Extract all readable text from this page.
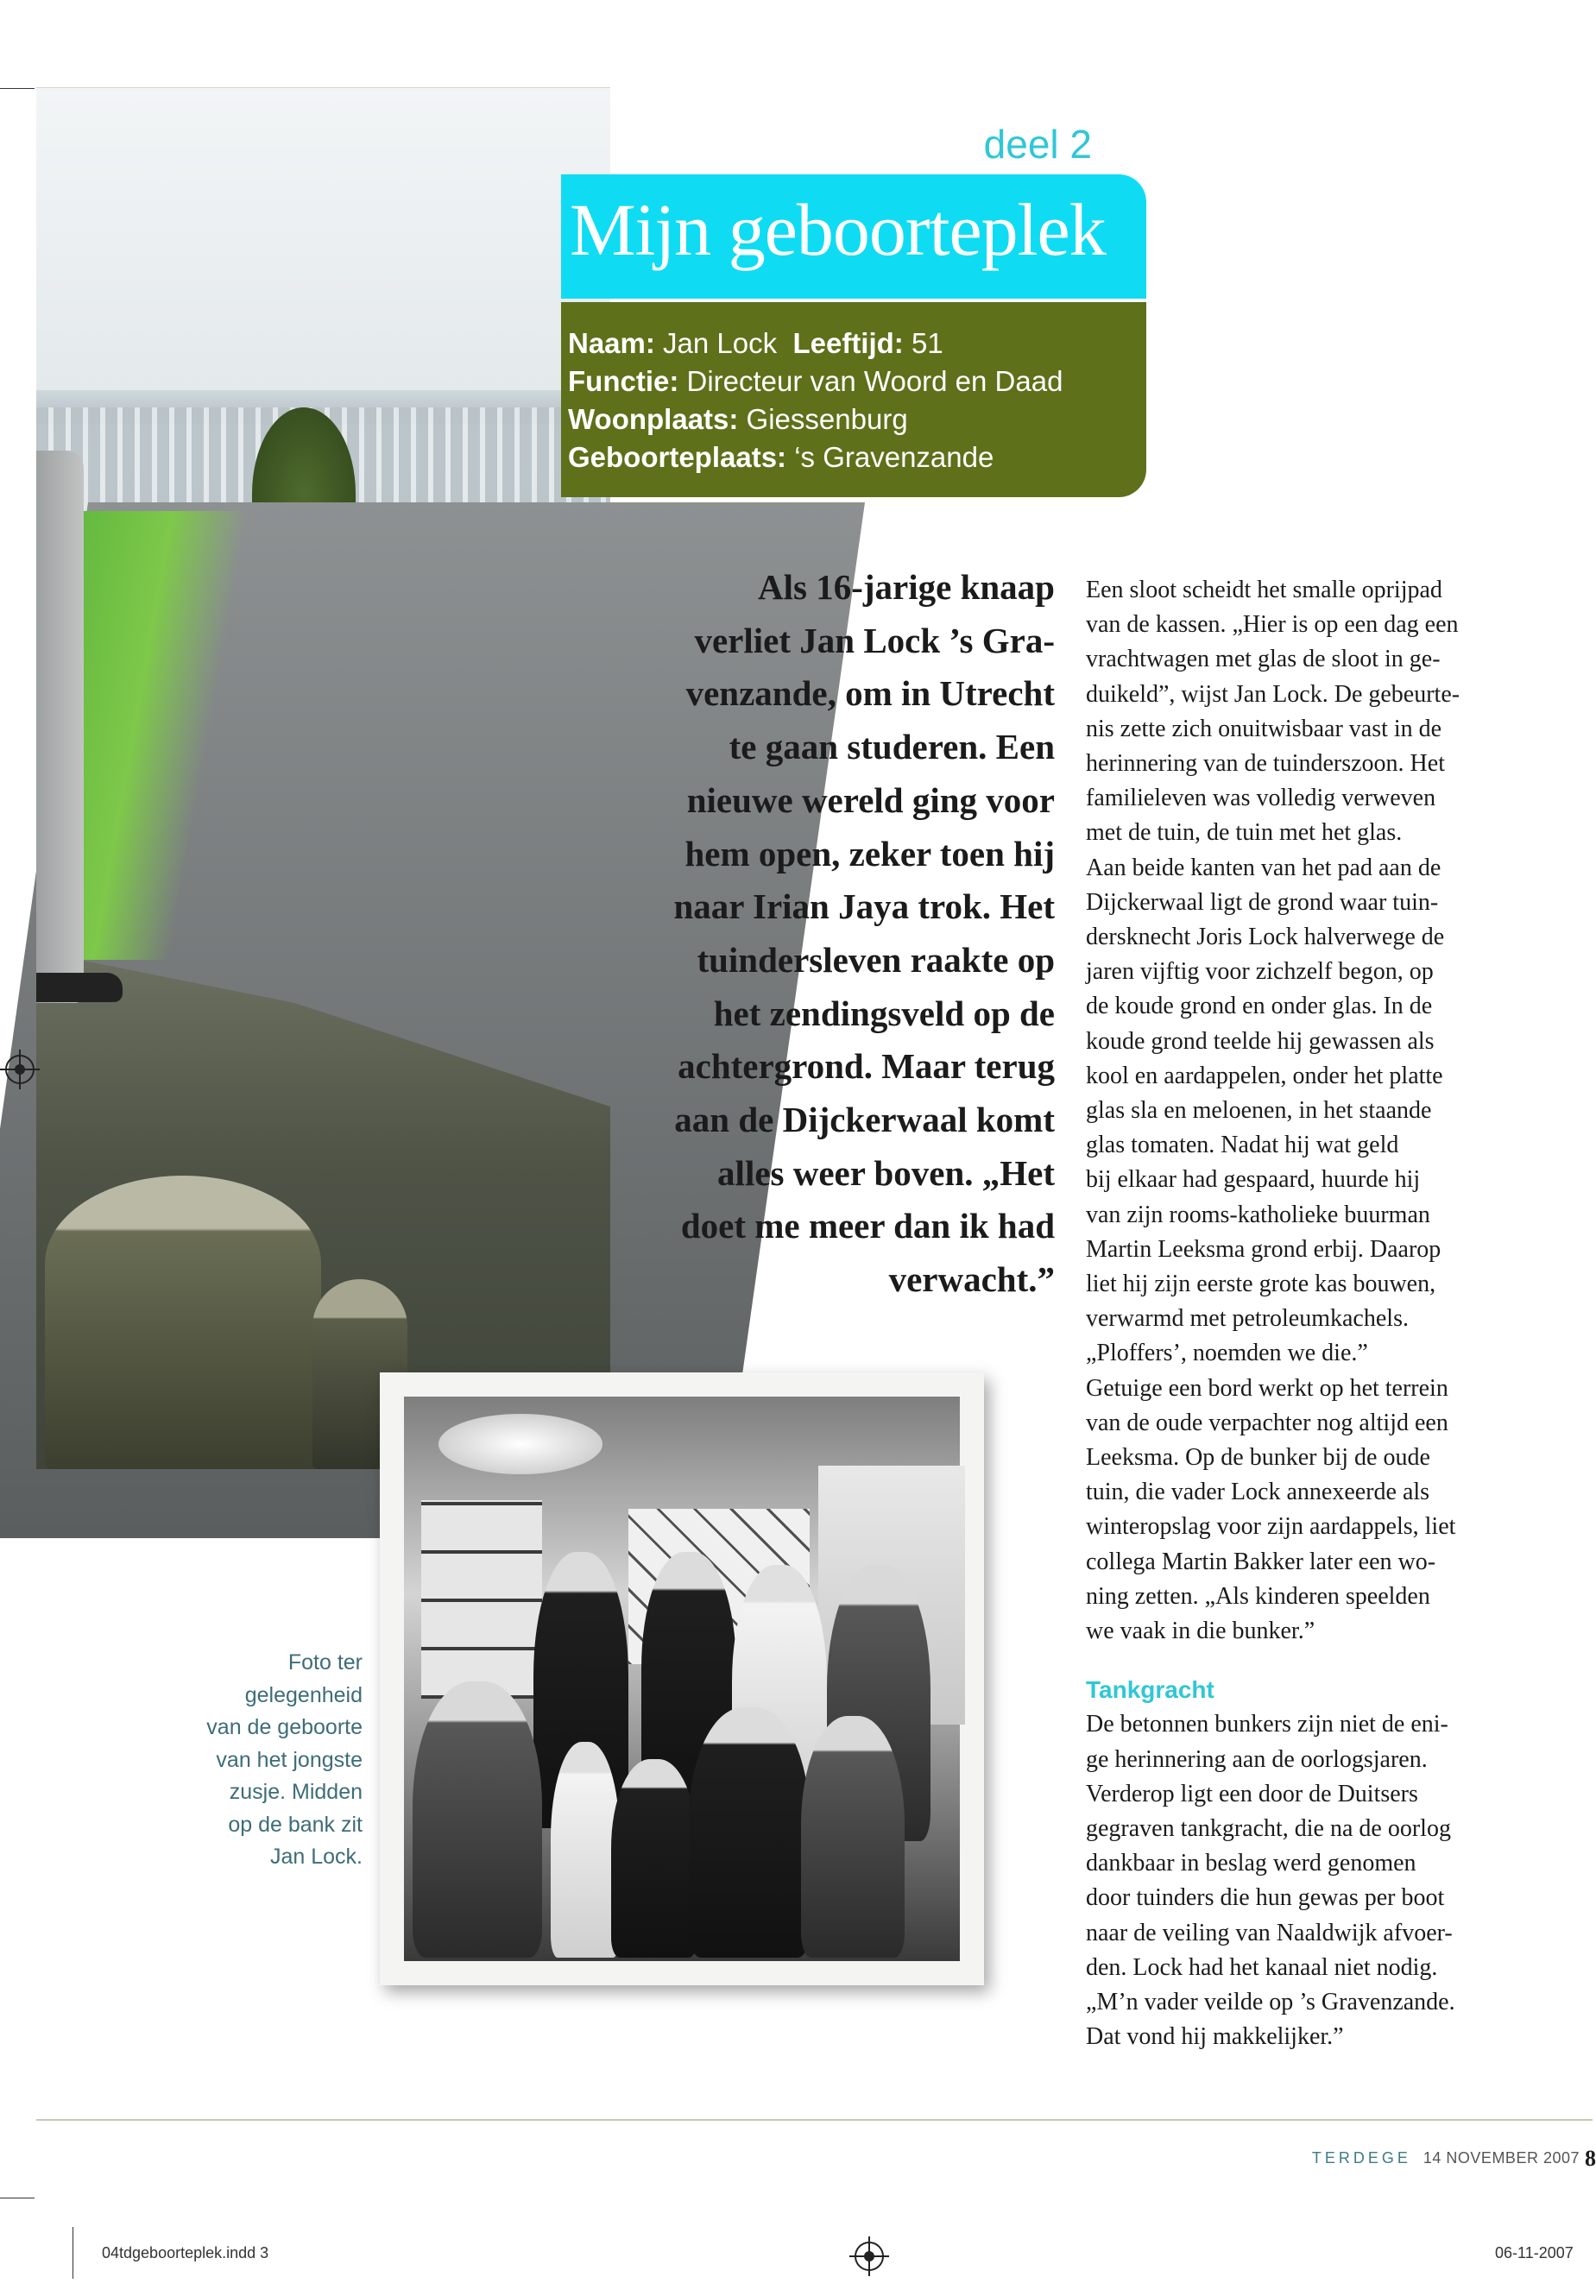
deel 2
Mijn geboorteplek
Naam: Jan Lock Leeftijd: 51
Functie: Directeur van Woord en Daad
Woonplaats: Giessenburg
Geboorteplaats: ‘s Gravenzande

Als 16-jarige knaap
verliet Jan Lock ’s Gra-
venzande, om in Utrecht
te gaan studeren. Een
nieuwe wereld ging voor
hem open, zeker toen hij
naar Irian Jaya trok. Het
tuindersleven raakte op
het zendingsveld op de
achtergrond. Maar terug
aan de Dijckerwaal komt
alles weer boven. „Het
doet me meer dan ik had
verwacht.”

Een sloot scheidt het smalle oprijpad
van de kassen. „Hier is op een dag een
vrachtwagen met glas de sloot in ge-
duikeld”, wijst Jan Lock. De gebeurte-
nis zette zich onuitwisbaar vast in de
herinnering van de tuinderszoon. Het
familieleven was volledig verweven
met de tuin, de tuin met het glas.
Aan beide kanten van het pad aan de
Dijckerwaal ligt de grond waar tuin-
dersknecht Joris Lock halverwege de
jaren vijftig voor zichzelf begon, op
de koude grond en onder glas. In de
koude grond teelde hij gewassen als
kool en aardappelen, onder het platte
glas sla en meloenen, in het staande
glas tomaten. Nadat hij wat geld
bij elkaar had gespaard, huurde hij
van zijn rooms-katholieke buurman
Martin Leeksma grond erbij. Daarop
liet hij zijn eerste grote kas bouwen,
verwarmd met petroleumkachels.
„Ploffers’, noemden we die.”
Getuige een bord werkt op het terrein
van de oude verpachter nog altijd een
Leeksma. Op de bunker bij de oude
tuin, die vader Lock annexeerde als
winteropslag voor zijn aardappels, liet
collega Martin Bakker later een wo-
ning zetten. „Als kinderen speelden
we vaak in die bunker.”

Tankgracht

De betonnen bunkers zijn niet de eni-
ge herinnering aan de oorlogsjaren.
Verderop ligt een door de Duitsers
gegraven tankgracht, die na de oorlog
dankbaar in beslag werd genomen
door tuinders die hun gewas per boot
naar de veiling van Naaldwijk afvoer-
den. Lock had het kanaal niet nodig.
„M’n vader veilde op ’s Gravenzande.
Dat vond hij makkelijker.”

Foto ter
gelegenheid
van de geboorte
van het jongste
zusje. Midden
op de bank zit
Jan Lock.
TERDEGE 14 NOVEMBER 2007 8
04tdgeboorteplek.indd 3	06-11-2007
